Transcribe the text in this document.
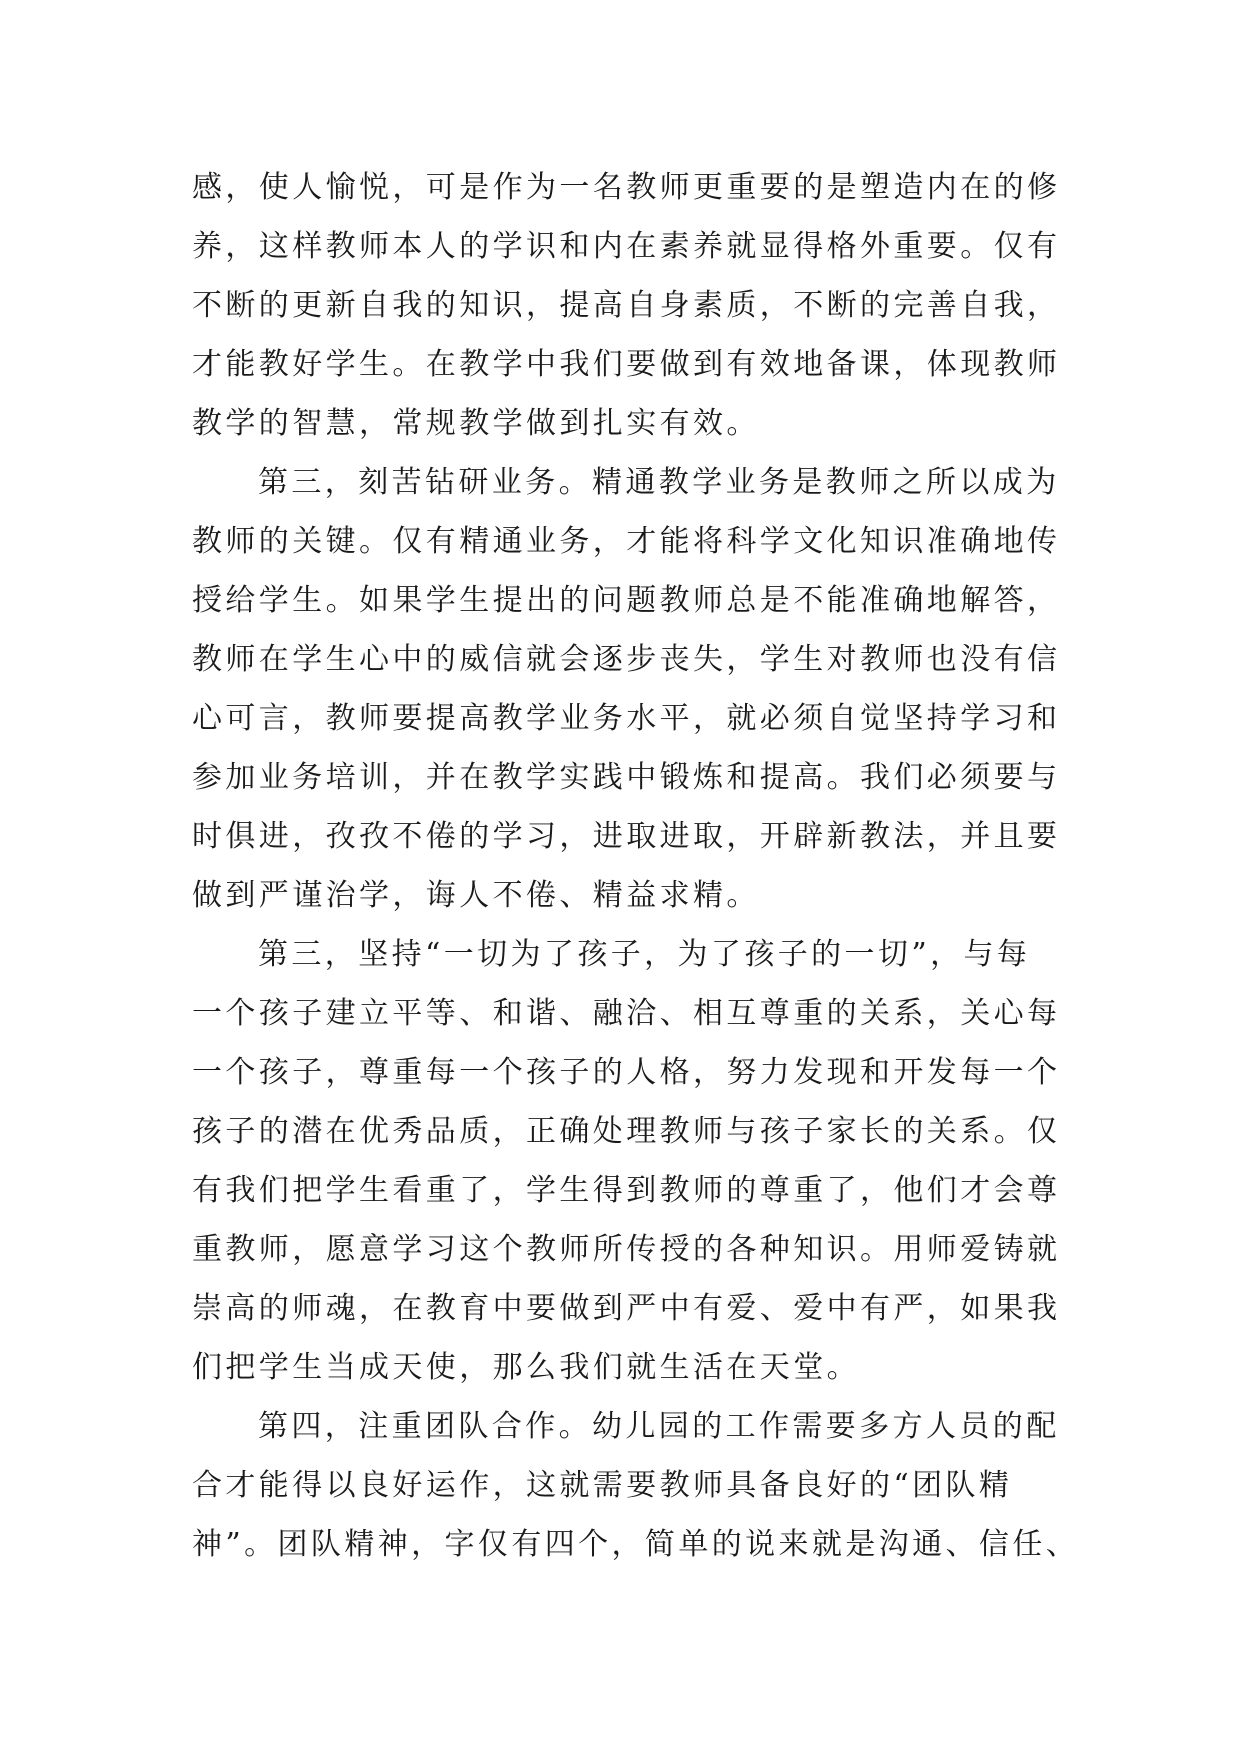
感，使人愉悦，可是作为一名教师更重要的是塑造内在的修
养，这样教师本人的学识和内在素养就显得格外重要。仅有
不断的更新自我的知识，提高自身素质，不断的完善自我，
才能教好学生。在教学中我们要做到有效地备课，体现教师
教学的智慧，常规教学做到扎实有效。
第三，刻苦钻研业务。精通教学业务是教师之所以成为
教师的关键。仅有精通业务，才能将科学文化知识准确地传
授给学生。如果学生提出的问题教师总是不能准确地解答，
教师在学生心中的威信就会逐步丧失，学生对教师也没有信
心可言，教师要提高教学业务水平，就必须自觉坚持学习和
参加业务培训，并在教学实践中锻炼和提高。我们必须要与
时俱进，孜孜不倦的学习，进取进取，开辟新教法，并且要
做到严谨治学，诲人不倦、精益求精。
第三，坚持“一切为了孩子，为了孩子的一切”，与每
一个孩子建立平等、和谐、融洽、相互尊重的关系，关心每
一个孩子，尊重每一个孩子的人格，努力发现和开发每一个
孩子的潜在优秀品质，正确处理教师与孩子家长的关系。仅
有我们把学生看重了，学生得到教师的尊重了，他们才会尊
重教师，愿意学习这个教师所传授的各种知识。用师爱铸就
崇高的师魂，在教育中要做到严中有爱、爱中有严，如果我
们把学生当成天使，那么我们就生活在天堂。
第四，注重团队合作。幼儿园的工作需要多方人员的配
合才能得以良好运作，这就需要教师具备良好的“团队精
神”。团队精神，字仅有四个，简单的说来就是沟通、信任、
